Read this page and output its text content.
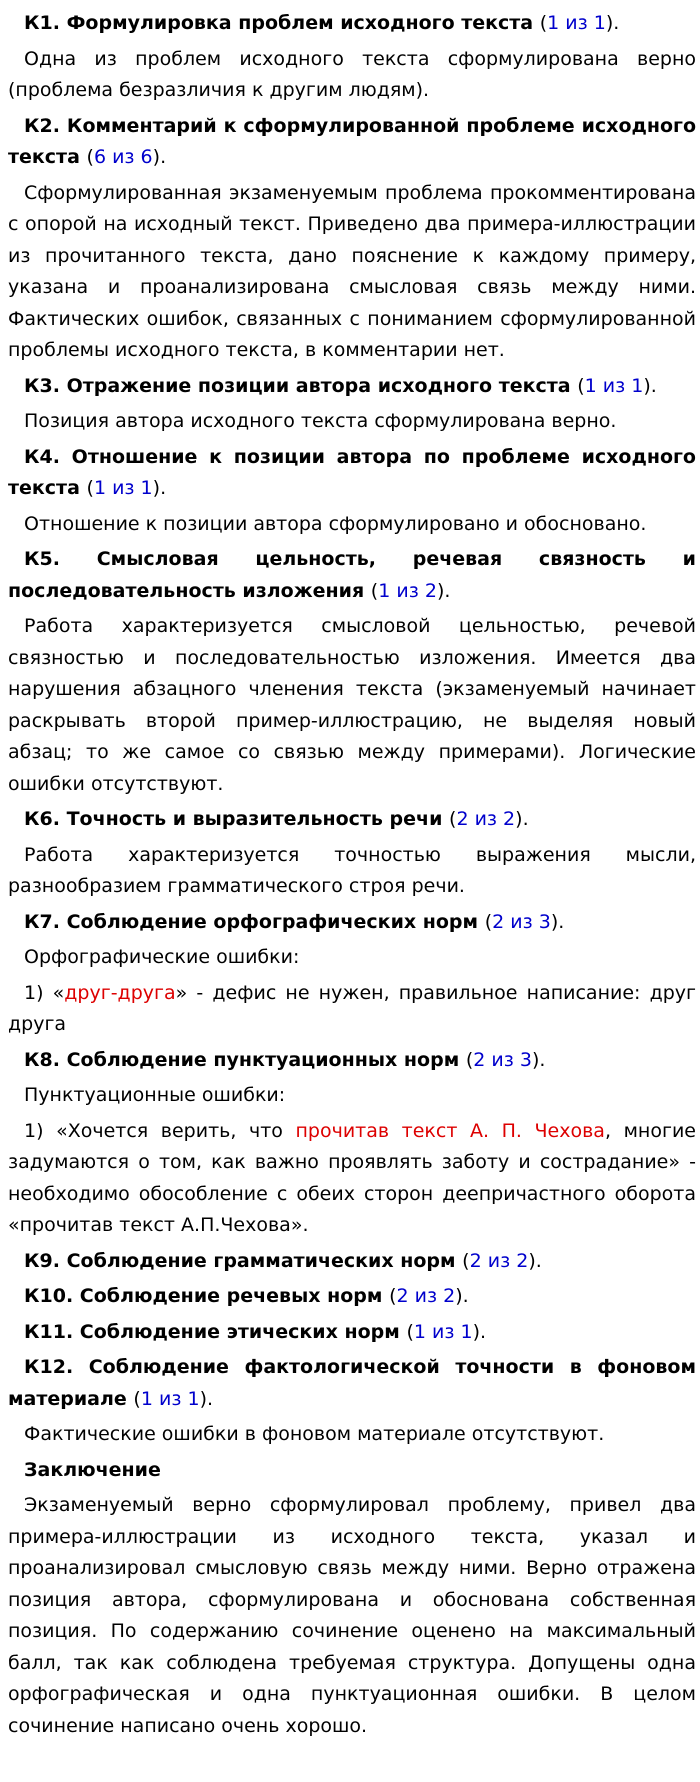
К1. Формулировка проблем исходного текста (1 из 1).

Одна из проблем исходного текста сформулирована верно (проблема безразличия к другим людям).

К2. Комментарий к сформулированной проблеме исходного текста (6 из 6).

Сформулированная экзаменуемым проблема прокомментирована с опорой на исходный текст. Приведено два примера-иллюстрации из прочитанного текста, дано пояснение к каждому примеру, указана и проанализирована смысловая связь между ними. Фактических ошибок, связанных с пониманием сформулированной проблемы исходного текста, в комментарии нет.

К3. Отражение позиции автора исходного текста (1 из 1).

Позиция автора исходного текста сформулирована верно.

К4. Отношение к позиции автора по проблеме исходного текста (1 из 1).

Отношение к позиции автора сформулировано и обосновано.

К5. Смысловая цельность, речевая связность и последовательность изложения (1 из 2).

Работа характеризуется смысловой цельностью, речевой связностью и последовательностью изложения. Имеется два нарушения абзацного членения текста (экзаменуемый начинает раскрывать второй пример-иллюстрацию, не выделяя новый абзац; то же самое со связью между примерами). Логические ошибки отсутствуют.

К6. Точность и выразительность речи (2 из 2).

Работа характеризуется точностью выражения мысли, разнообразием грамматического строя речи.

К7. Соблюдение орфографических норм (2 из 3).

Орфографические ошибки:

1) «друг-друга» - дефис не нужен, правильное написание: друг друга

К8. Соблюдение пунктуационных норм (2 из 3).

Пунктуационные ошибки:

1) «Хочется верить, что прочитав текст А. П. Чехова, многие задумаются о том, как важно проявлять заботу и сострадание» - необходимо обособление с обеих сторон деепричастного оборота «прочитав текст А.П.Чехова».

К9. Соблюдение грамматических норм (2 из 2).

К10. Соблюдение речевых норм (2 из 2).

К11. Соблюдение этических норм (1 из 1).

К12. Соблюдение фактологической точности в фоновом материале (1 из 1).

Фактические ошибки в фоновом материале отсутствуют.

Заключение

Экзаменуемый верно сформулировал проблему, привел два примера-иллюстрации из исходного текста, указал и проанализировал смысловую связь между ними. Верно отражена позиция автора, сформулирована и обоснована собственная позиция. По содержанию сочинение оценено на максимальный балл, так как соблюдена требуемая структура. Допущены одна орфографическая и одна пунктуационная ошибки. В целом сочинение написано очень хорошо.
